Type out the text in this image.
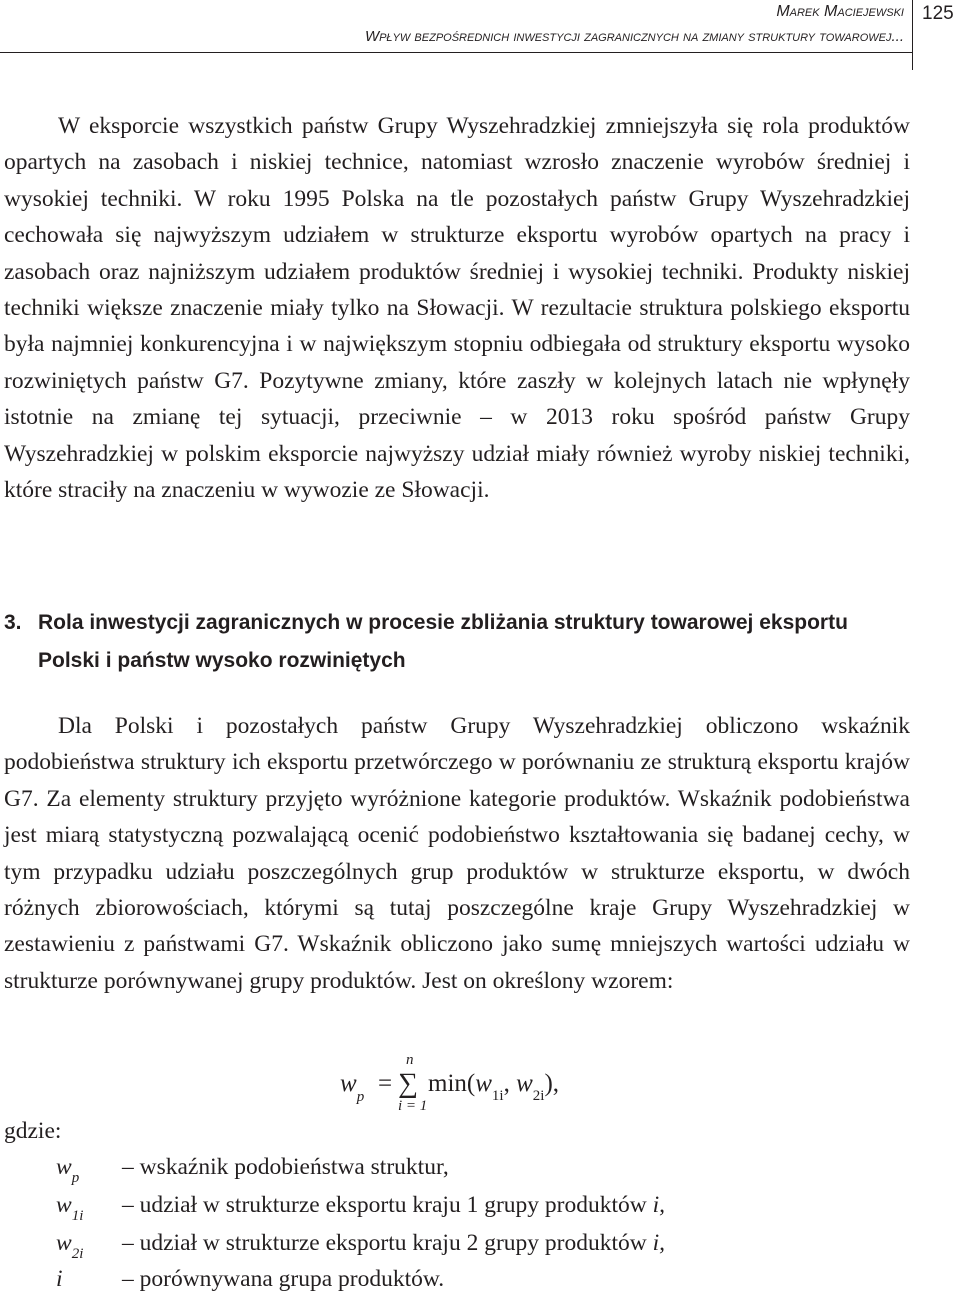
Marek Maciejewski
Wpływ bezpośrednich inwestycji zagranicznych na zmiany struktury towarowej...
125

W eksporcie wszystkich państw Grupy Wyszehradzkiej zmniejszyła się rola produktów opartych na zasobach i niskiej technice, natomiast wzrosło znaczenie wyrobów średniej i wysokiej techniki. W roku 1995 Polska na tle pozostałych państw Grupy Wyszehradzkiej cechowała się najwyższym udziałem w strukturze eksportu wyrobów opartych na pracy i zasobach oraz najniższym udziałem produktów średniej i wysokiej techniki. Produkty niskiej techniki większe znaczenie miały tylko na Słowacji. W rezultacie struktura polskiego eksportu była najmniej konkurencyjna i w największym stopniu odbiegała od struktury eksportu wysoko rozwiniętych państw G7. Pozytywne zmiany, które zaszły w kolejnych latach nie wpłynęły istotnie na zmianę tej sytuacji, przeciwnie – w 2013 roku spośród państw Grupy Wyszehradzkiej w polskim eksporcie najwyższy udział miały również wyroby niskiej techniki, które straciły na znaczeniu w wywozie ze Słowacji.

3. Rola inwestycji zagranicznych w procesie zbliżania struktury towarowej eksportu
Polski i państw wysoko rozwiniętych

Dla Polski i pozostałych państw Grupy Wyszehradzkiej obliczono wskaźnik podobieństwa struktury ich eksportu przetwórczego w porównaniu ze strukturą eksportu krajów G7. Za elementy struktury przyjęto wyróżnione kategorie produktów. Wskaźnik podobieństwa jest miarą statystyczną pozwalającą ocenić podobieństwo kształtowania się badanej cechy, w tym przypadku udziału poszczególnych grup produktów w strukturze eksportu, w dwóch różnych zbiorowościach, którymi są tutaj poszczególne kraje Grupy Wyszehradzkiej w zestawieniu z państwami G7. Wskaźnik obliczono jako sumę mniejszych wartości udziału w strukturze porównywanej grupy produktów. Jest on określony wzorem:

$w_p$ =
n
∑
i = 1
$\min(w_{1i}$, $w_{2i}$),
gdzie:
$w_p$ – wskaźnik podobieństwa struktur,
$w_{1i}$ – udział w strukturze eksportu kraju 1 grupy produktów i,
$w_{2i}$ – udział w strukturze eksportu kraju 2 grupy produktów i,
i	– porównywana grupa produktów.
